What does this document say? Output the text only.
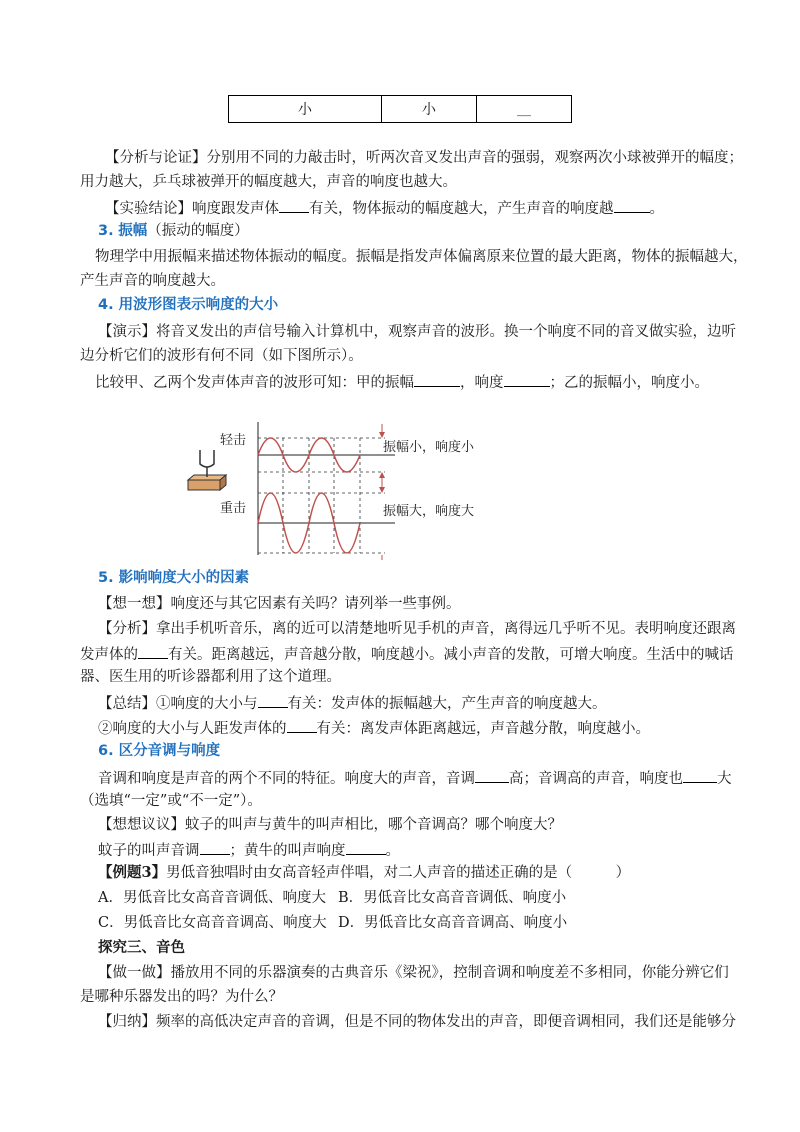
小	小	__
【分析与论证】分别用不同的力敲击时，听两次音叉发出声音的强弱，观察两次小球被弹开的幅度；
用力越大，乒乓球被弹开的幅度越大，声音的响度也越大。
【实验结论】响度跟发声体 有关，物体振动的幅度越大，产生声音的响度越 。
3. 振幅（振动的幅度）
物理学中用振幅来描述物体振动的幅度。振幅是指发声体偏离原来位置的最大距离，物体的振幅越大，
产生声音的响度越大。
4. 用波形图表示响度的大小
【演示】将音叉发出的声信号输入计算机中，观察声音的波形。换一个响度不同的音叉做实验，边听
边分析它们的波形有何不同（如下图所示）。
比较甲、乙两个发声体声音的波形可知：甲的振幅	，响度	；乙的振幅小，响度小。
轻击
重击
振幅小，响度小
振幅大，响度大
5. 影响响度大小的因素
【想一想】响度还与其它因素有关吗？请列举一些事例。
【分析】拿出手机听音乐，离的近可以清楚地听见手机的声音，离得远几乎听不见。表明响度还跟离
发声体的 有关。距离越远，声音越分散，响度越小。减小声音的发散，可增大响度。生活中的喊话
器、医生用的听诊器都利用了这个道理。
【总结】①响度的大小与 有关：发声体的振幅越大，产生声音的响度越大。
②响度的大小与人距发声体的 有关：离发声体距离越远，声音越分散，响度越小。
6. 区分音调与响度
音调和响度是声音的两个不同的特征。响度大的声音，音调 高；音调高的声音，响度也 大
（选填“一定”或“不一定”）。
【想想议议】蚊子的叫声与黄牛的叫声相比，哪个音调高？哪个响度大？
蚊子的叫声音调 ；黄牛的叫声响度	。
【例题3】男低音独唱时由女高音轻声伴唱，对二人声音的描述正确的是（　　　）
A．男低音比女高音音调低、响度大 B．男低音比女高音音调低、响度小
C．男低音比女高音音调高、响度大 D．男低音比女高音音调高、响度小
探究三、音色
【做一做】播放用不同的乐器演奏的古典音乐《梁祝》，控制音调和响度差不多相同，你能分辨它们
是哪种乐器发出的吗？为什么？
【归纳】频率的高低决定声音的音调，但是不同的物体发出的声音，即便音调相同，我们还是能够分
